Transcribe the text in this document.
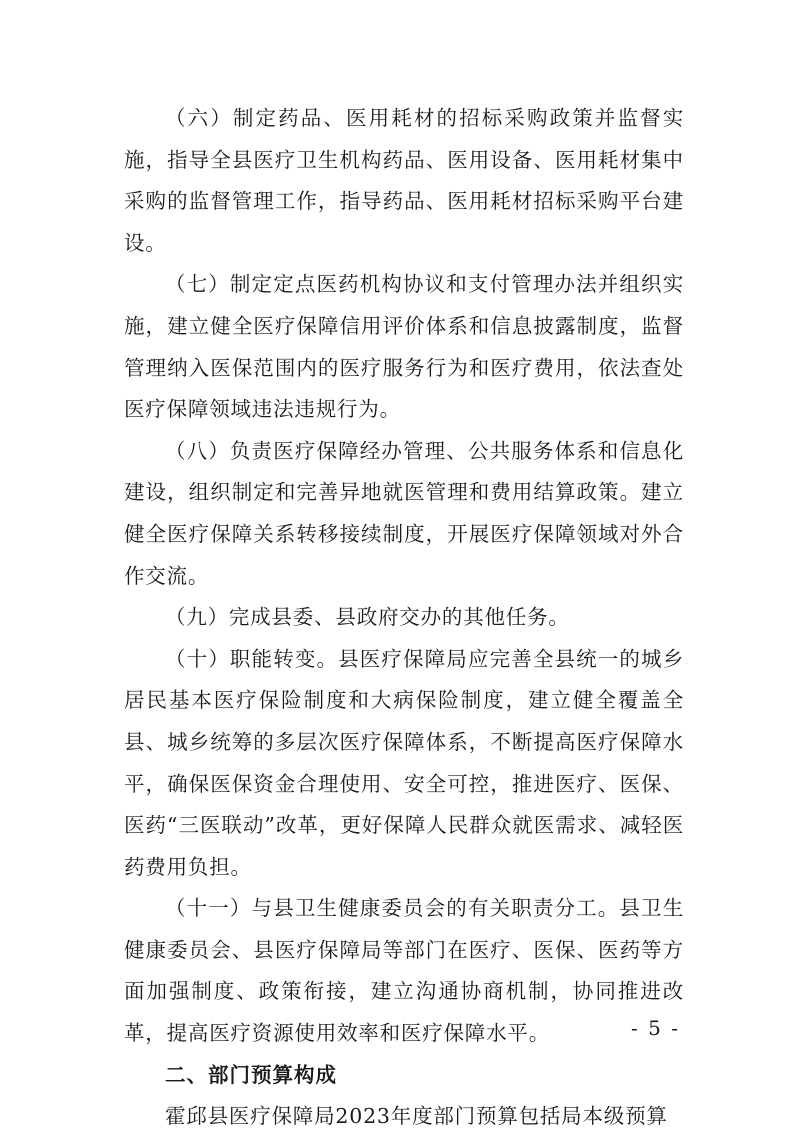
（六）制定药品、医用耗材的招标采购政策并监督实施，指导全县医疗卫生机构药品、医用设备、医用耗材集中采购的监督管理工作，指导药品、医用耗材招标采购平台建设。

（七）制定定点医药机构协议和支付管理办法并组织实施，建立健全医疗保障信用评价体系和信息披露制度，监督管理纳入医保范围内的医疗服务行为和医疗费用，依法查处医疗保障领域违法违规行为。

（八）负责医疗保障经办管理、公共服务体系和信息化建设，组织制定和完善异地就医管理和费用结算政策。建立健全医疗保障关系转移接续制度，开展医疗保障领域对外合作交流。

（九）完成县委、县政府交办的其他任务。

（十）职能转变。县医疗保障局应完善全县统一的城乡居民基本医疗保险制度和大病保险制度，建立健全覆盖全县、城乡统筹的多层次医疗保障体系，不断提高医疗保障水平，确保医保资金合理使用、安全可控，推进医疗、医保、医药“三医联动”改革，更好保障人民群众就医需求、减轻医药费用负担。

（十一）与县卫生健康委员会的有关职责分工。县卫生健康委员会、县医疗保障局等部门在医疗、医保、医药等方面加强制度、政策衔接，建立沟通协商机制，协同推进改革，提高医疗资源使用效率和医疗保障水平。

二、部门预算构成

霍邱县医疗保障局2023年度部门预算包括局本级预算

- 5 -
